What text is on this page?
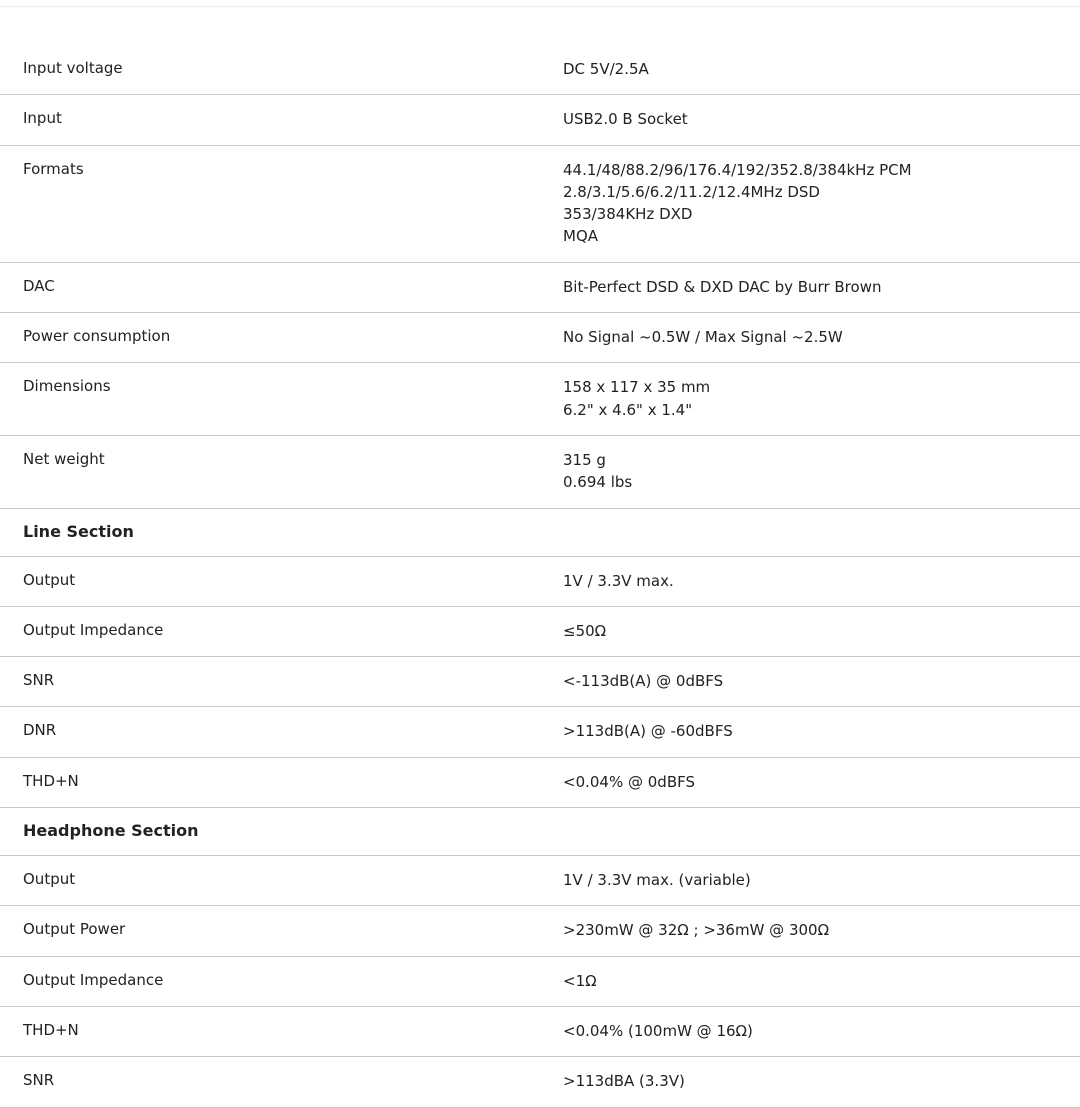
Input voltage	DC 5V/2.5A
Input	USB2.0 B Socket
Formats	44.1/48/88.2/96/176.4/192/352.8/384kHz PCM
2.8/3.1/5.6/6.2/11.2/12.4MHz DSD
353/384KHz DXD
MQA
DAC	Bit-Perfect DSD & DXD DAC by Burr Brown
Power consumption	No Signal ~0.5W / Max Signal ~2.5W
Dimensions	158 x 117 x 35 mm
6.2" x 4.6" x 1.4"
Net weight	315 g
0.694 lbs
Line Section
Output	1V / 3.3V max.
Output Impedance	≤50Ω
SNR	<-113dB(A) @ 0dBFS
DNR	>113dB(A) @ -60dBFS
THD+N	<0.04% @ 0dBFS
Headphone Section
Output	1V / 3.3V max. (variable)
Output Power	>230mW @ 32Ω ; >36mW @ 300Ω
Output Impedance	<1Ω
THD+N	<0.04% (100mW @ 16Ω)
SNR	>113dBA (3.3V)
